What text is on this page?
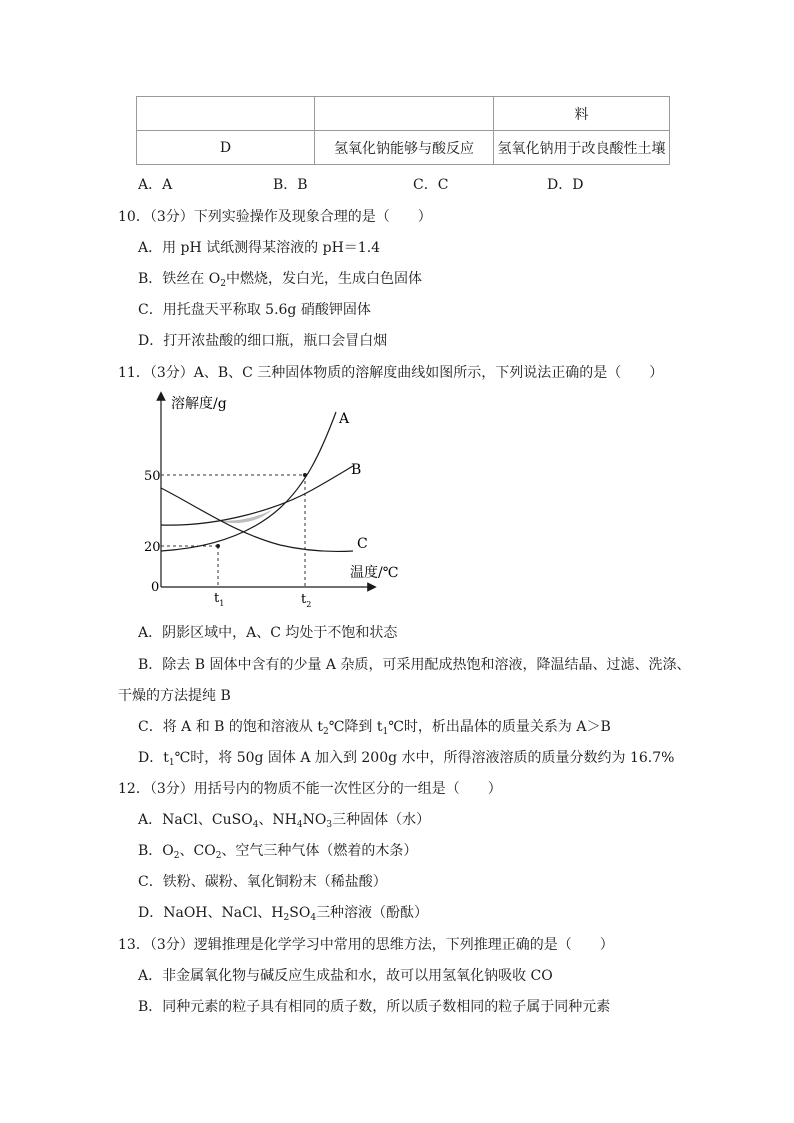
		料
D	氢氧化钠能够与酸反应	氢氧化钠用于改良酸性土壤
A．A	B．B	C．C	D．D
10．（3分）下列实验操作及现象合理的是（　　）
A．用 pH 试纸测得某溶液的 pH＝1.4
B．铁丝在 $O_2$中燃烧，发白光，生成白色固体
C．用托盘天平称取 5.6g 硝酸钾固体
D．打开浓盐酸的细口瓶，瓶口会冒白烟
11．（3分）A、B、C 三种固体物质的溶解度曲线如图所示，下列说法正确的是（　　）
溶解度/g
温度/℃
A
B
C
50
20
0
$t_1$	$t_2$
A．阴影区域中，A、C 均处于不饱和状态
B．除去 B 固体中含有的少量 A 杂质，可采用配成热饱和溶液，降温结晶、过滤、洗涤、
干燥的方法提纯 B
C．将 A 和 B 的饱和溶液从 $t_2℃$降到 $t_1℃$时，析出晶体的质量关系为 A＞B
D．$t_1℃$时，将 50g 固体 A 加入到 200g 水中，所得溶液溶质的质量分数约为 16.7%
12．（3分）用括号内的物质不能一次性区分的一组是（　　）
A．NaCl、CuSO$_4$、$NH_4NO_3$三种固体（水）
B．$O_2$、$CO_2$、空气三种气体（燃着的木条）
C．铁粉、碳粉、氧化铜粉末（稀盐酸）
D．NaOH、NaCl、$H_2SO_4$三种溶液（酚酞）
13．（3分）逻辑推理是化学学习中常用的思维方法，下列推理正确的是（　　）
A．非金属氧化物与碱反应生成盐和水，故可以用氢氧化钠吸收 CO
B．同种元素的粒子具有相同的质子数，所以质子数相同的粒子属于同种元素
